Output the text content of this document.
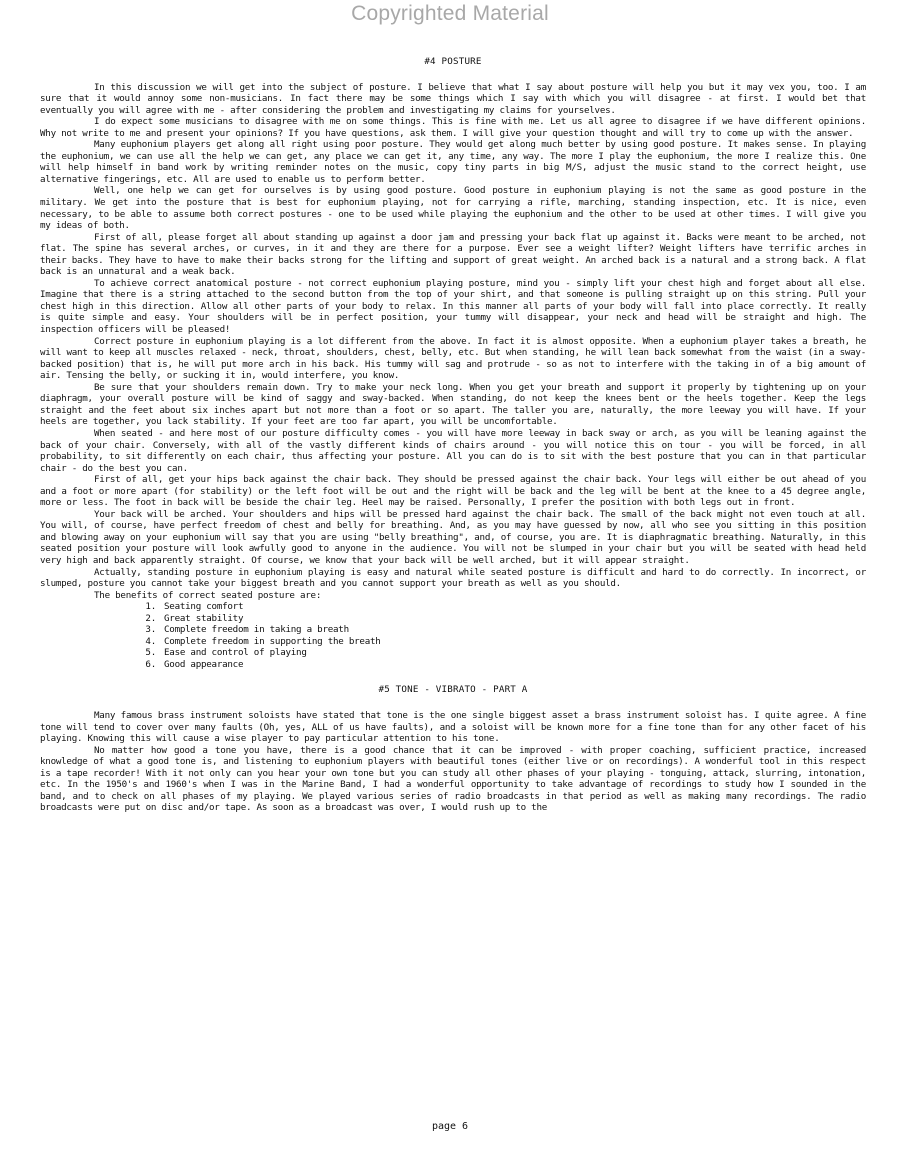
Copyrighted Material
#4 POSTURE

In this discussion we will get into the subject of posture. I believe that what I say about posture will help you but it may vex you, too. I am sure that it would annoy some non-musicians. In fact there may be some things which I say with which you will disagree - at first. I would bet that eventually you will agree with me - after considering the problem and investigating my claims for yourselves.

I do expect some musicians to disagree with me on some things. This is fine with me. Let us all agree to disagree if we have different opinions. Why not write to me and present your opinions? If you have questions, ask them. I will give your question thought and will try to come up with the answer.

Many euphonium players get along all right using poor posture. They would get along much better by using good posture. It makes sense. In playing the euphonium, we can use all the help we can get, any place we can get it, any time, any way. The more I play the euphonium, the more I realize this. One will help himself in band work by writing reminder notes on the music, copy tiny parts in big M/S, adjust the music stand to the correct height, use alternative fingerings, etc. All are used to enable us to perform better.

Well, one help we can get for ourselves is by using good posture. Good posture in euphonium playing is not the same as good posture in the military. We get into the posture that is best for euphonium playing, not for carrying a rifle, marching, standing inspection, etc. It is nice, even necessary, to be able to assume both correct postures - one to be used while playing the euphonium and the other to be used at other times. I will give you my ideas of both.

First of all, please forget all about standing up against a door jam and pressing your back flat up against it. Backs were meant to be arched, not flat. The spine has several arches, or curves, in it and they are there for a purpose. Ever see a weight lifter? Weight lifters have terrific arches in their backs. They have to have to make their backs strong for the lifting and support of great weight. An arched back is a natural and a strong back. A flat back is an unnatural and a weak back.

To achieve correct anatomical posture - not correct euphonium playing posture, mind you - simply lift your chest high and forget about all else. Imagine that there is a string attached to the second button from the top of your shirt, and that someone is pulling straight up on this string. Pull your chest high in this direction. Allow all other parts of your body to relax. In this manner all parts of your body will fall into place correctly. It really is quite simple and easy. Your shoulders will be in perfect position, your tummy will disappear, your neck and head will be straight and high. The inspection officers will be pleased!

Correct posture in euphonium playing is a lot different from the above. In fact it is almost opposite. When a euphonium player takes a breath, he will want to keep all muscles relaxed - neck, throat, shoulders, chest, belly, etc. But when standing, he will lean back somewhat from the waist (in a sway-backed position) that is, he will put more arch in his back. His tummy will sag and protrude - so as not to interfere with the taking in of a big amount of air. Tensing the belly, or sucking it in, would interfere, you know.

Be sure that your shoulders remain down. Try to make your neck long. When you get your breath and support it properly by tightening up on your diaphragm, your overall posture will be kind of saggy and sway-backed. When standing, do not keep the knees bent or the heels together. Keep the legs straight and the feet about six inches apart but not more than a foot or so apart. The taller you are, naturally, the more leeway you will have. If your heels are together, you lack stability. If your feet are too far apart, you will be uncomfortable.

When seated - and here most of our posture difficulty comes - you will have more leeway in back sway or arch, as you will be leaning against the back of your chair. Conversely, with all of the vastly different kinds of chairs around - you will notice this on tour - you will be forced, in all probability, to sit differently on each chair, thus affecting your posture. All you can do is to sit with the best posture that you can in that particular chair - do the best you can.

First of all, get your hips back against the chair back. They should be pressed against the chair back. Your legs will either be out ahead of you and a foot or more apart (for stability) or the left foot will be out and the right will be back and the leg will be bent at the knee to a 45 degree angle, more or less. The foot in back will be beside the chair leg. Heel may be raised. Personally, I prefer the position with both legs out in front.

Your back will be arched. Your shoulders and hips will be pressed hard against the chair back. The small of the back might not even touch at all. You will, of course, have perfect freedom of chest and belly for breathing. And, as you may have guessed by now, all who see you sitting in this position and blowing away on your euphonium will say that you are using "belly breathing", and, of course, you are. It is diaphragmatic breathing. Naturally, in this seated position your posture will look awfully good to anyone in the audience. You will not be slumped in your chair but you will be seated with head held very high and back apparently straight. Of course, we know that your back will be well arched, but it will appear straight.

Actually, standing posture in euphonium playing is easy and natural while seated posture is difficult and hard to do correctly. In incorrect, or slumped, posture you cannot take your biggest breath and you cannot support your breath as well as you should.

The benefits of correct seated posture are:
1. Seating comfort
2. Great stability
3. Complete freedom in taking a breath
4. Complete freedom in supporting the breath
5. Ease and control of playing
6. Good appearance
#5 TONE - VIBRATO - PART A

Many famous brass instrument soloists have stated that tone is the one single biggest asset a brass instrument soloist has. I quite agree. A fine tone will tend to cover over many faults (Oh, yes, ALL of us have faults), and a soloist will be known more for a fine tone than for any other facet of his playing. Knowing this will cause a wise player to pay particular attention to his tone.

No matter how good a tone you have, there is a good chance that it can be improved - with proper coaching, sufficient practice, increased knowledge of what a good tone is, and listening to euphonium players with beautiful tones (either live or on recordings). A wonderful tool in this respect is a tape recorder! With it not only can you hear your own tone but you can study all other phases of your playing - tonguing, attack, slurring, intonation, etc. In the 1950's and 1960's when I was in the Marine Band, I had a wonderful opportunity to take advantage of recordings to study how I sounded in the band, and to check on all phases of my playing. We played various series of radio broadcasts in that period as well as making many recordings. The radio broadcasts were put on disc and/or tape. As soon as a broadcast was over, I would rush up to the

page 6
